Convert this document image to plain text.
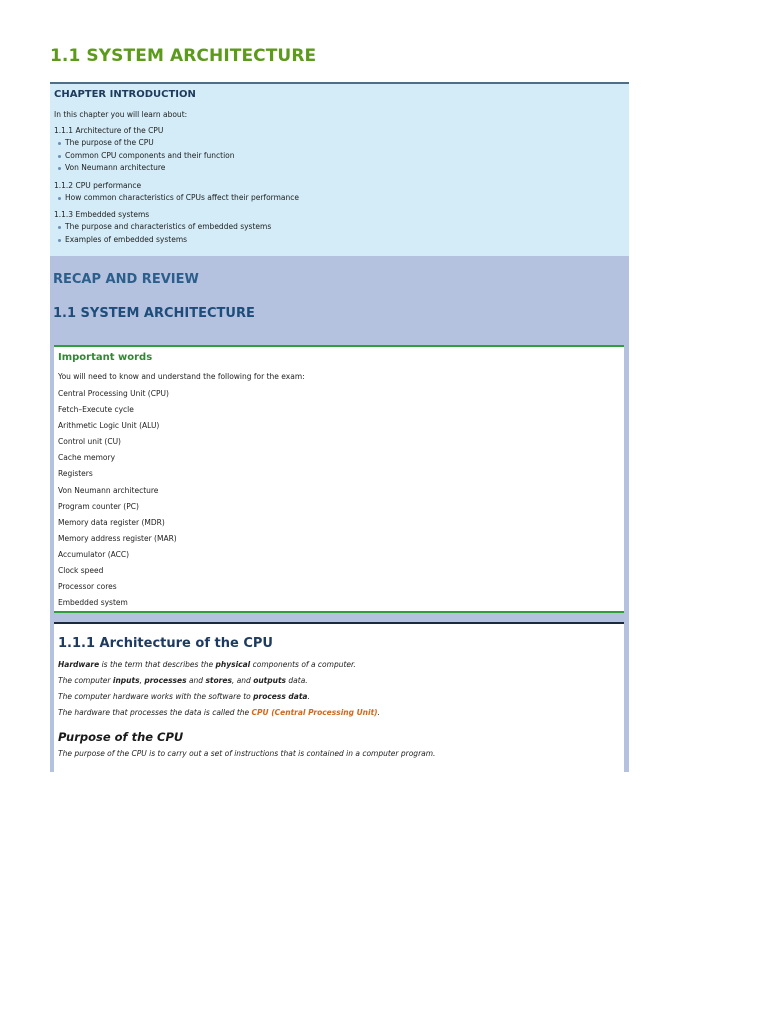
1.1 SYSTEM ARCHITECTURE
CHAPTER INTRODUCTION

In this chapter you will learn about:

1.1.1 Architecture of the CPU
The purpose of the CPU
Common CPU components and their function
Von Neumann architecture
1.1.2 CPU performance
How common characteristics of CPUs affect their performance
1.1.3 Embedded systems
The purpose and characteristics of embedded systems
Examples of embedded systems
RECAP AND REVIEW
1.1 SYSTEM ARCHITECTURE
Important words

You will need to know and understand the following for the exam:

Central Processing Unit (CPU)
Fetch–Execute cycle
Arithmetic Logic Unit (ALU)
Control unit (CU)
Cache memory
Registers
Von Neumann architecture
Program counter (PC)
Memory data register (MDR)
Memory address register (MAR)
Accumulator (ACC)
Clock speed
Processor cores
Embedded system
1.1.1 Architecture of the CPU
Hardware is the term that describes the physical components of a computer.
The computer inputs, processes and stores, and outputs data.
The computer hardware works with the software to process data.
The hardware that processes the data is called the CPU (Central Processing Unit).
Purpose of the CPU
The purpose of the CPU is to carry out a set of instructions that is contained in a computer program.
